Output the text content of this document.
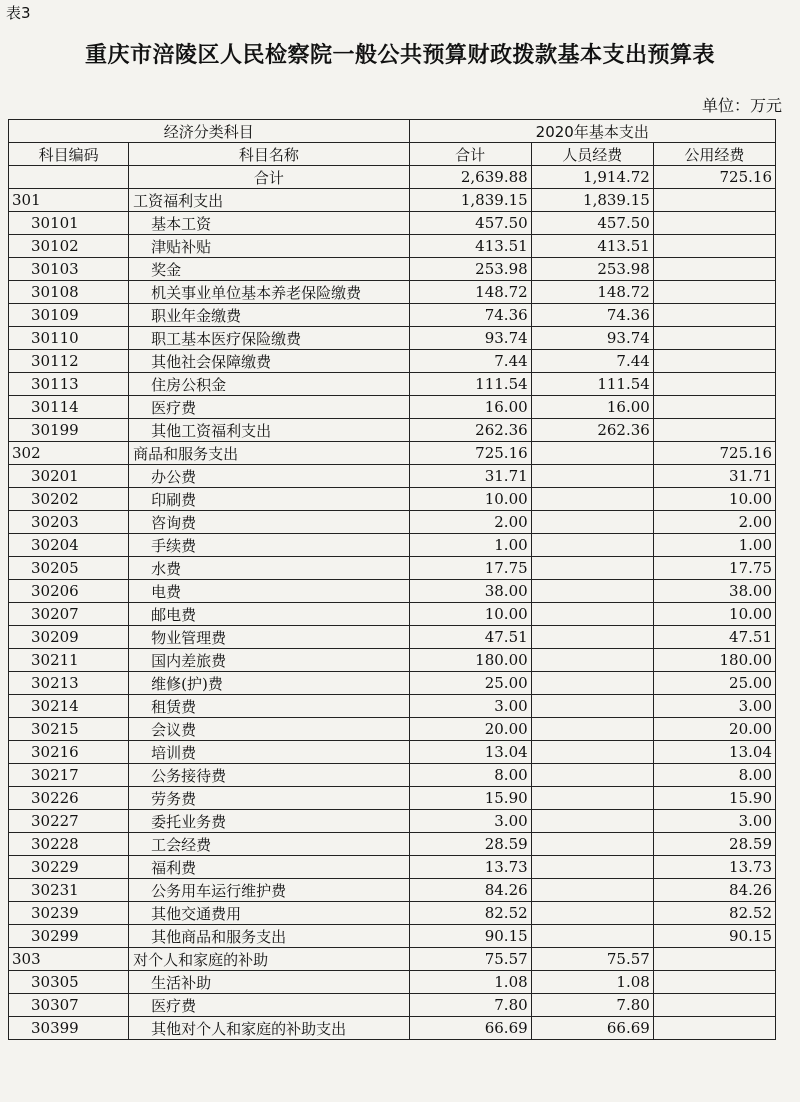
表3
重庆市涪陵区人民检察院一般公共预算财政拨款基本支出预算表
单位：万元
经济分类科目		2020年基本支出		
科目编码	科目名称	合计	人员经费	公用经费
	合计	2,639.88	1,914.72	725.16
301	工资福利支出	1,839.15	1,839.15	
30101	基本工资	457.50	457.50	
30102	津贴补贴	413.51	413.51	
30103	奖金	253.98	253.98	
30108	机关事业单位基本养老保险缴费	148.72	148.72	
30109	职业年金缴费	74.36	74.36	
30110	职工基本医疗保险缴费	93.74	93.74	
30112	其他社会保障缴费	7.44	7.44	
30113	住房公积金	111.54	111.54	
30114	医疗费	16.00	16.00	
30199	其他工资福利支出	262.36	262.36	
302	商品和服务支出	725.16		725.16
30201	办公费	31.71		31.71
30202	印刷费	10.00		10.00
30203	咨询费	2.00		2.00
30204	手续费	1.00		1.00
30205	水费	17.75		17.75
30206	电费	38.00		38.00
30207	邮电费	10.00		10.00
30209	物业管理费	47.51		47.51
30211	国内差旅费	180.00		180.00
30213	维修(护)费	25.00		25.00
30214	租赁费	3.00		3.00
30215	会议费	20.00		20.00
30216	培训费	13.04		13.04
30217	公务接待费	8.00		8.00
30226	劳务费	15.90		15.90
30227	委托业务费	3.00		3.00
30228	工会经费	28.59		28.59
30229	福利费	13.73		13.73
30231	公务用车运行维护费	84.26		84.26
30239	其他交通费用	82.52		82.52
30299	其他商品和服务支出	90.15		90.15
303	对个人和家庭的补助	75.57	75.57	
30305	生活补助	1.08	1.08	
30307	医疗费	7.80	7.80	
30399	其他对个人和家庭的补助支出	66.69	66.69	
